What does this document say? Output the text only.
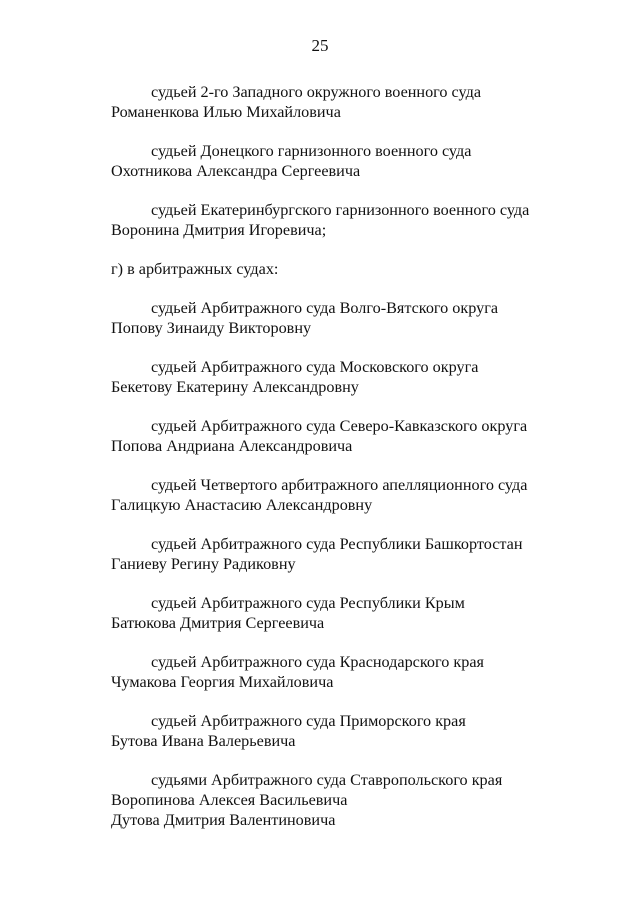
25
судьей 2-го Западного окружного военного суда
Романенкова Илью Михайловича
судьей Донецкого гарнизонного военного суда
Охотникова Александра Сергеевича
судьей Екатеринбургского гарнизонного военного суда
Воронина Дмитрия Игоревича;
г) в арбитражных судах:
судьей Арбитражного суда Волго-Вятского округа
Попову Зинаиду Викторовну
судьей Арбитражного суда Московского округа
Бекетову Екатерину Александровну
судьей Арбитражного суда Северо-Кавказского округа
Попова Андриана Александровича
судьей Четвертого арбитражного апелляционного суда
Галицкую Анастасию Александровну
судьей Арбитражного суда Республики Башкортостан
Ганиеву Регину Радиковну
судьей Арбитражного суда Республики Крым
Батюкова Дмитрия Сергеевича
судьей Арбитражного суда Краснодарского края
Чумакова Георгия Михайловича
судьей Арбитражного суда Приморского края
Бутова Ивана Валерьевича
судьями Арбитражного суда Ставропольского края
Воропинова Алексея Васильевича
Дутова Дмитрия Валентиновича
